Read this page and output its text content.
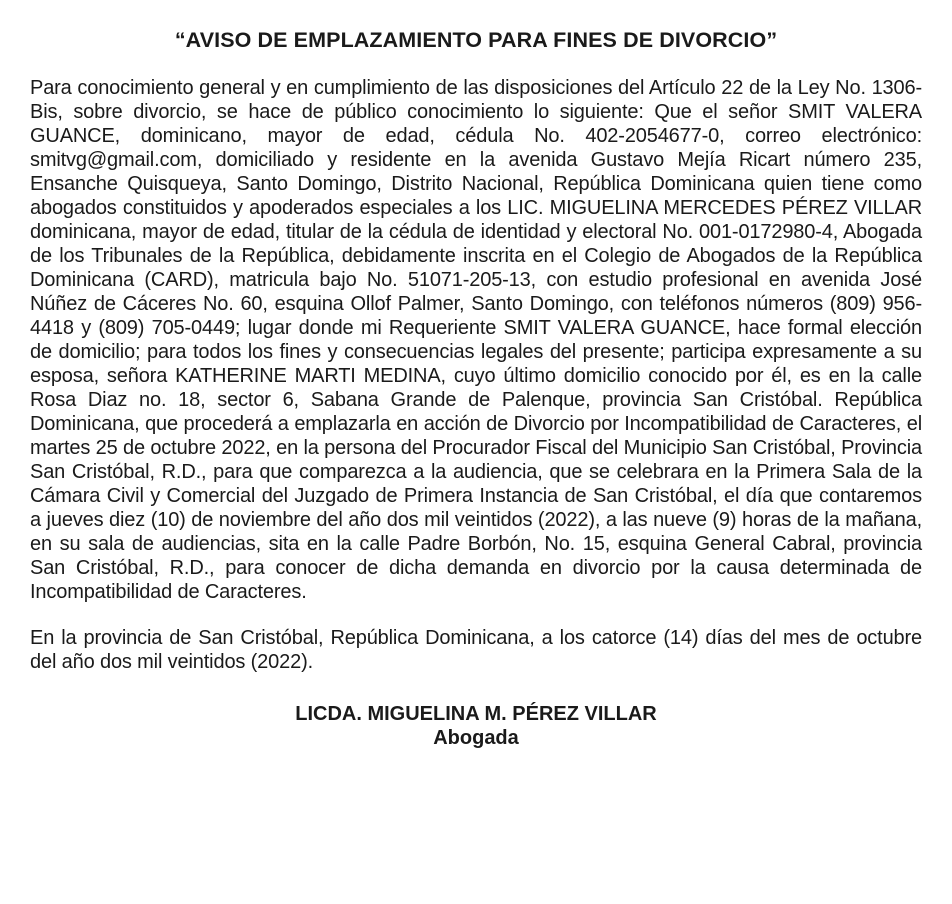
“AVISO DE EMPLAZAMIENTO PARA FINES DE DIVORCIO”

Para conocimiento general y en cumplimiento de las disposiciones del Artículo 22 de la Ley No. 1306-Bis, sobre divorcio, se hace de público conocimiento lo siguiente: Que el señor SMIT VALERA GUANCE, dominicano, mayor de edad, cédula No. 402-2054677-0, correo electrónico: smitvg@gmail.com, domiciliado y residente en la avenida Gustavo Mejía Ricart número 235, Ensanche Quisqueya, Santo Domingo, Distrito Nacional, República Dominicana quien tiene como abogados constituidos y apoderados especiales a los LIC. MIGUELINA MERCEDES PÉREZ VILLAR dominicana, mayor de edad, titular de la cédula de identidad y electoral No. 001-0172980-4, Abogada de los Tribunales de la República, debidamente inscrita en el Colegio de Abogados de la República Dominicana (CARD), matricula bajo No. 51071-205-13, con estudio profesional en avenida José Núñez de Cáceres No. 60, esquina Ollof Palmer, Santo Domingo, con teléfonos números (809) 956-4418 y (809) 705-0449; lugar donde mi Requeriente SMIT VALERA GUANCE, hace formal elección de domicilio; para todos los fines y consecuencias legales del presente; participa expresamente a su esposa, señora KATHERINE MARTI MEDINA, cuyo último domicilio conocido por él, es en la calle Rosa Diaz no. 18, sector 6, Sabana Grande de Palenque, provincia San Cristóbal. República Dominicana, que procederá a emplazarla en acción de Divorcio por Incompatibilidad de Caracteres, el martes 25 de octubre 2022, en la persona del Procurador Fiscal del Municipio San Cristóbal, Provincia San Cristóbal, R.D., para que comparezca a la audiencia, que se celebrara en la Primera Sala de la Cámara Civil y Comercial del Juzgado de Primera Instancia de San Cristóbal, el día que contaremos a jueves diez (10) de noviembre del año dos mil veintidos (2022), a las nueve (9) horas de la mañana, en su sala de audiencias, sita en la calle Padre Borbón, No. 15, esquina General Cabral, provincia San Cristóbal, R.D., para conocer de dicha demanda en divorcio por la causa determinada de Incompatibilidad de Caracteres.

En la provincia de San Cristóbal, República Dominicana, a los catorce (14) días del mes de octubre del año dos mil veintidos (2022).

LICDA. MIGUELINA M. PÉREZ VILLAR
Abogada
